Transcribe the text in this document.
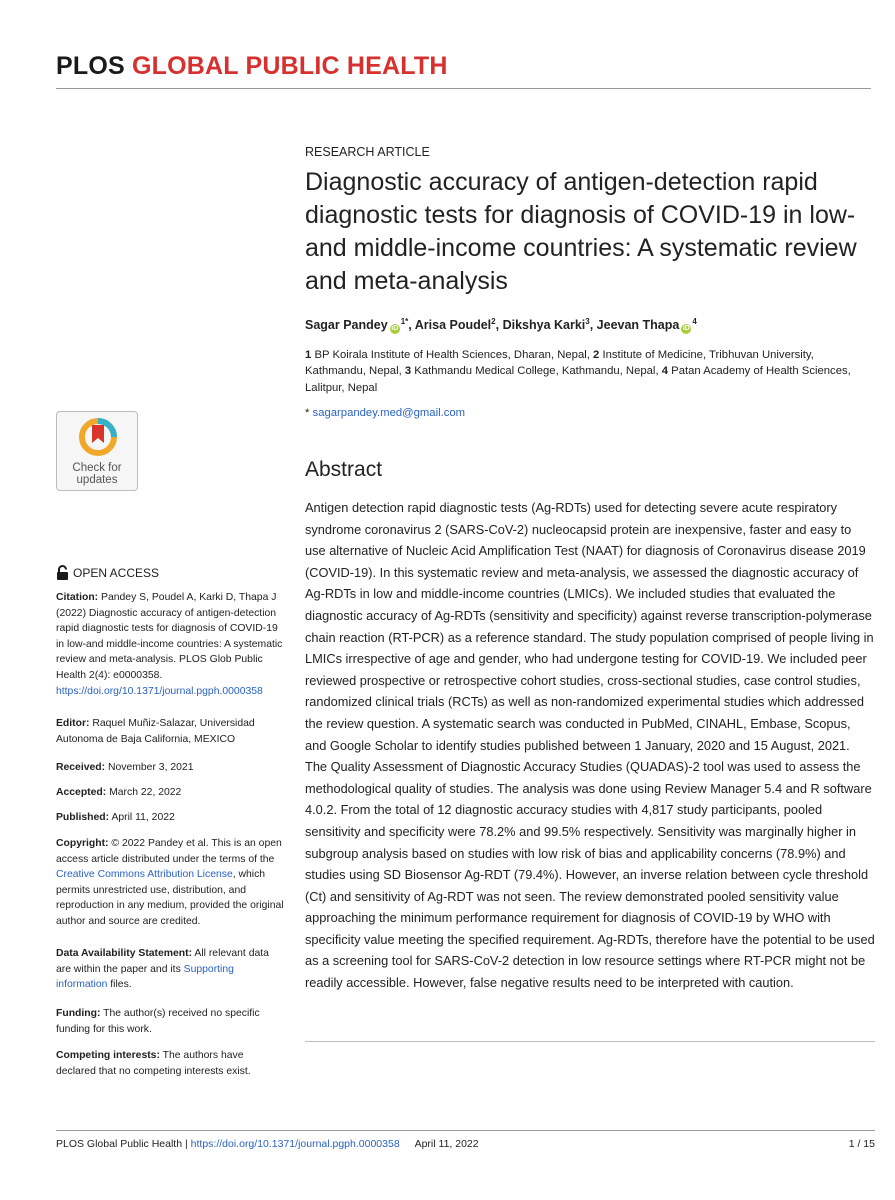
PLOS GLOBAL PUBLIC HEALTH
Check for
updates
RESEARCH ARTICLE
Diagnostic accuracy of antigen-detection rapid diagnostic tests for diagnosis of COVID-19 in low-and middle-income countries: A systematic review and meta-analysis
Sagar Pandey $iD^{1*}$, Arisa Poudel$^2$, Dikshya Karki$^3$, Jeevan Thapa $iD^4$
1 BP Koirala Institute of Health Sciences, Dharan, Nepal, 2 Institute of Medicine, Tribhuvan University, Kathmandu, Nepal, 3 Kathmandu Medical College, Kathmandu, Nepal, 4 Patan Academy of Health Sciences, Lalitpur, Nepal
* sagarpandey.med@gmail.com
Abstract

Antigen detection rapid diagnostic tests (Ag-RDTs) used for detecting severe acute respiratory syndrome coronavirus 2 (SARS-CoV-2) nucleocapsid protein are inexpensive, faster and easy to use alternative of Nucleic Acid Amplification Test (NAAT) for diagnosis of Coronavirus disease 2019 (COVID-19). In this systematic review and meta-analysis, we assessed the diagnostic accuracy of Ag-RDTs in low and middle-income countries (LMICs). We included studies that evaluated the diagnostic accuracy of Ag-RDTs (sensitivity and specificity) against reverse transcription-polymerase chain reaction (RT-PCR) as a reference standard. The study population comprised of people living in LMICs irrespective of age and gender, who had undergone testing for COVID-19. We included peer reviewed prospective or retrospective cohort studies, cross-sectional studies, case control studies, randomized clinical trials (RCTs) as well as non-randomized experimental studies which addressed the review question. A systematic search was conducted in PubMed, CINAHL, Embase, Scopus, and Google Scholar to identify studies published between 1 January, 2020 and 15 August, 2021. The Quality Assessment of Diagnostic Accuracy Studies (QUADAS)-2 tool was used to assess the methodological quality of studies. The analysis was done using Review Manager 5.4 and R software 4.0.2. From the total of 12 diagnostic accuracy studies with 4,817 study participants, pooled sensitivity and specificity were 78.2% and 99.5% respectively. Sensitivity was marginally higher in subgroup analysis based on studies with low risk of bias and applicability concerns (78.9%) and studies using SD Biosensor Ag-RDT (79.4%). However, an inverse relation between cycle threshold (Ct) and sensitivity of Ag-RDT was not seen. The review demonstrated pooled sensitivity value approaching the minimum performance requirement for diagnosis of COVID-19 by WHO with specificity value meeting the specified requirement. Ag-RDTs, therefore have the potential to be used as a screening tool for SARS-CoV-2 detection in low resource settings where RT-PCR might not be readily accessible. However, false negative results need to be interpreted with caution.

OPEN ACCESS
Citation: Pandey S, Poudel A, Karki D, Thapa J (2022) Diagnostic accuracy of antigen-detection rapid diagnostic tests for diagnosis of COVID-19 in low-and middle-income countries: A systematic review and meta-analysis. PLOS Glob Public Health 2(4): e0000358. https://doi.org/10.1371/journal.pgph.0000358
Editor: Raquel Muñiz-Salazar, Universidad Autonoma de Baja California, MEXICO
Received: November 3, 2021
Accepted: March 22, 2022
Published: April 11, 2022
Copyright: © 2022 Pandey et al. This is an open access article distributed under the terms of the Creative Commons Attribution License, which permits unrestricted use, distribution, and reproduction in any medium, provided the original author and source are credited.
Data Availability Statement: All relevant data are within the paper and its Supporting information files.
Funding: The author(s) received no specific funding for this work.
Competing interests: The authors have declared that no competing interests exist.
PLOS Global Public Health | https://doi.org/10.1371/journal.pgph.0000358 April 11, 2022	1 / 15
